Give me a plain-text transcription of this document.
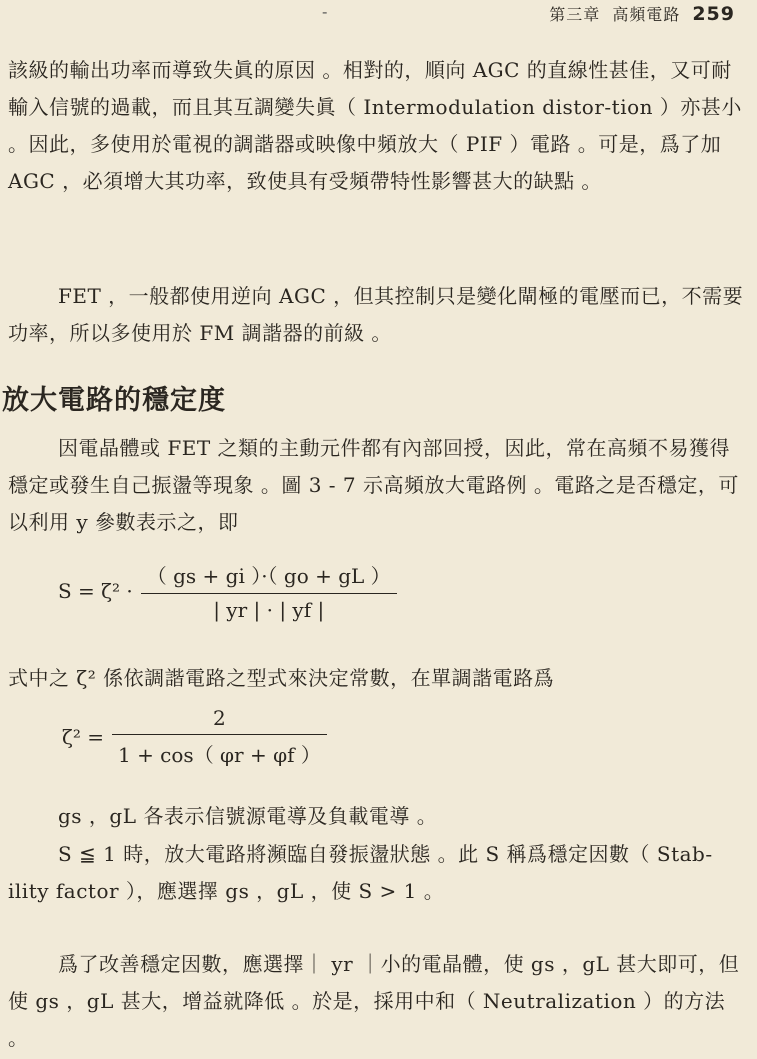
-	第三章 高頻電路 259

該級的輸出功率而導致失眞的原因 。相對的，順向 AGC 的直線性甚佳，又可耐輸入信號的過載，而且其互調變失眞（ Intermodulation distor-tion ）亦甚小 。因此，多使用於電視的調諧器或映像中頻放大（ PIF ）電路 。可是，爲了加 AGC ，必須增大其功率，致使具有受頻帶特性影響甚大的缺點 。

FET ，一般都使用逆向 AGC ，但其控制只是變化閘極的電壓而已，不需要功率，所以多使用於 FM 調諧器的前級 。

放大電路的穩定度

因電晶體或 FET 之類的主動元件都有內部回授，因此，常在高頻不易獲得穩定或發生自己振盪等現象 。圖 3 - 7 示高頻放大電路例 。電路之是否穩定，可以利用 y 參數表示之，即

$S = \zeta^2 \cdot \frac{( gs + gi )\cdot( go + gL )}{| yr | \cdot | yf |}$

式中之 ζ² 係依調諧電路之型式來決定常數，在單調諧電路爲

$\zeta^2 = \frac{2}{1 + \cos( \varphi r + \varphi f )}$

gs ，gL 各表示信號源電導及負載電導 。

S ≦ 1 時，放大電路將瀕臨自發振盪狀態 。此 S 稱爲穩定因數（ Stab-ility factor ），應選擇 gs ，gL ，使 S > 1 。

爲了改善穩定因數，應選擇｜ yr ｜小的電晶體，使 gs ，gL 甚大即可，但使 gs ，gL 甚大，增益就降低 。於是，採用中和（ Neutralization ）的方法 。
